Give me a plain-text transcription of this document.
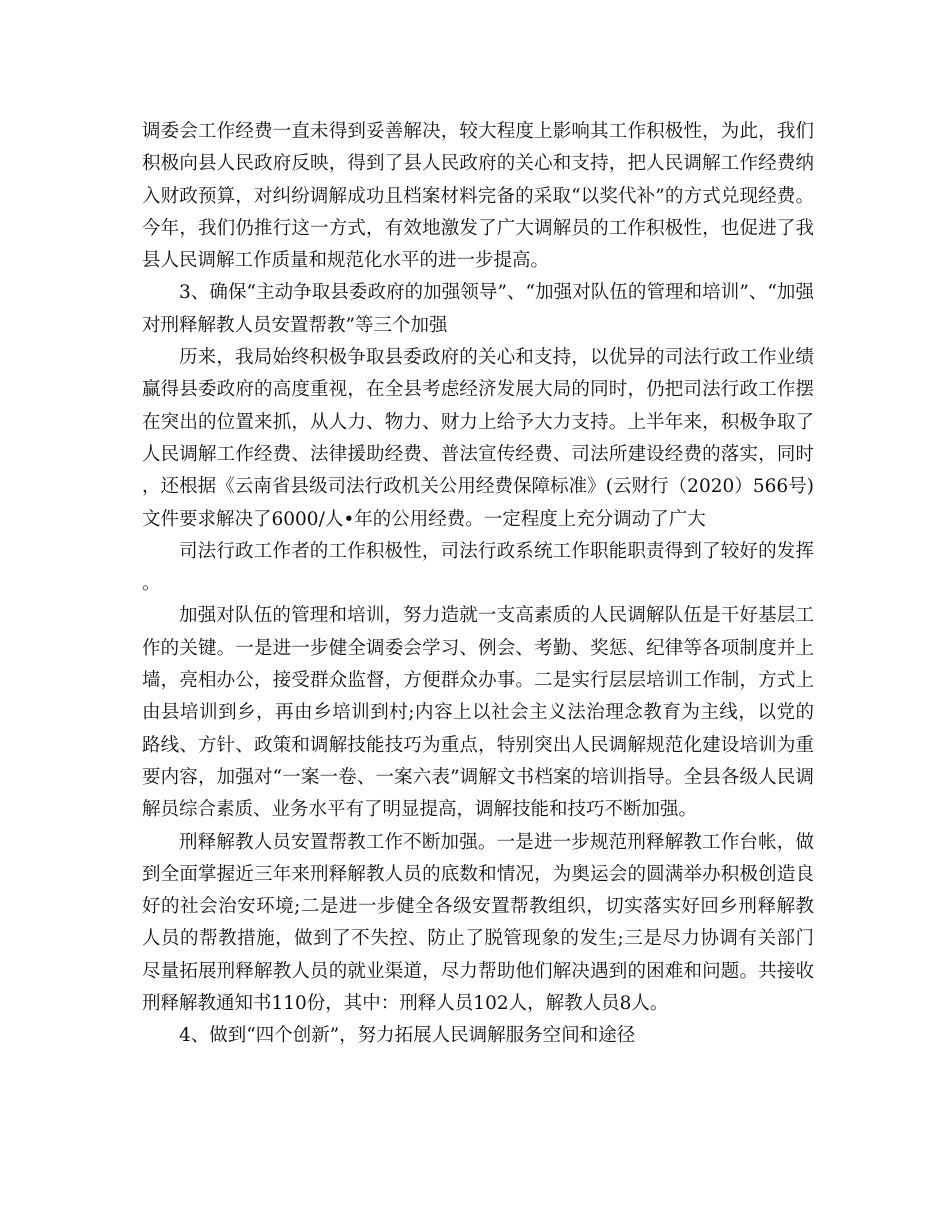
调委会工作经费一直未得到妥善解决，较大程度上影响其工作积极性，为此，我们积极向县人民政府反映，得到了县人民政府的关心和支持，把人民调解工作经费纳入财政预算，对纠纷调解成功且档案材料完备的采取“以奖代补”的方式兑现经费。今年，我们仍推行这一方式，有效地激发了广大调解员的工作积极性，也促进了我县人民调解工作质量和规范化水平的进一步提高。

3、确保“主动争取县委政府的加强领导”、“加强对队伍的管理和培训”、“加强对刑释解教人员安置帮教”等三个加强

历来，我局始终积极争取县委政府的关心和支持，以优异的司法行政工作业绩赢得县委政府的高度重视，在全县考虑经济发展大局的同时，仍把司法行政工作摆在突出的位置来抓，从人力、物力、财力上给予大力支持。上半年来，积极争取了人民调解工作经费、法律援助经费、普法宣传经费、司法所建设经费的落实，同时，还根据《云南省县级司法行政机关公用经费保障标准》(云财行（2020）566号)文件要求解决了6000/人•年的公用经费。一定程度上充分调动了广大

司法行政工作者的工作积极性，司法行政系统工作职能职责得到了较好的发挥。

加强对队伍的管理和培训，努力造就一支高素质的人民调解队伍是干好基层工作的关键。一是进一步健全调委会学习、例会、考勤、奖惩、纪律等各项制度并上墙，亮相办公，接受群众监督，方便群众办事。二是实行层层培训工作制，方式上由县培训到乡，再由乡培训到村;内容上以社会主义法治理念教育为主线，以党的路线、方针、政策和调解技能技巧为重点，特别突出人民调解规范化建设培训为重要内容，加强对“一案一卷、一案六表”调解文书档案的培训指导。全县各级人民调解员综合素质、业务水平有了明显提高，调解技能和技巧不断加强。

刑释解教人员安置帮教工作不断加强。一是进一步规范刑释解教工作台帐，做到全面掌握近三年来刑释解教人员的底数和情况，为奥运会的圆满举办积极创造良好的社会治安环境;二是进一步健全各级安置帮教组织，切实落实好回乡刑释解教人员的帮教措施，做到了不失控、防止了脱管现象的发生;三是尽力协调有关部门尽量拓展刑释解教人员的就业渠道，尽力帮助他们解决遇到的困难和问题。共接收刑释解教通知书110份，其中：刑释人员102人，解教人员8人。

4、做到“四个创新”，努力拓展人民调解服务空间和途径
